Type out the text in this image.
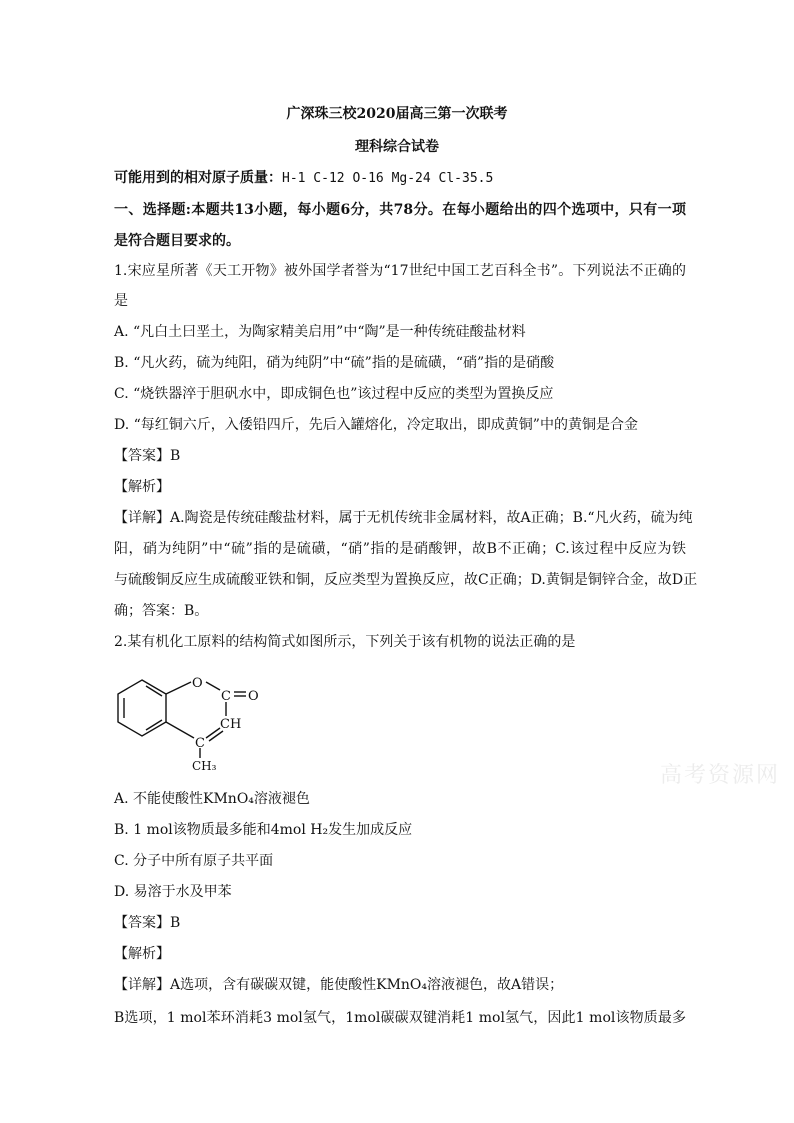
广深珠三校2020届高三第一次联考
理科综合试卷
可能用到的相对原子质量：H-1 C-12 O-16 Mg-24 Cl-35.5
一、选择题:本题共13小题，每小题6分，共78分。在每小题给出的四个选项中，只有一项
是符合题目要求的。
1.宋应星所著《天工开物》被外国学者誉为“17世纪中国工艺百科全书”。下列说法不正确的
是
A. “凡白土曰垩土，为陶家精美启用”中“陶”是一种传统硅酸盐材料
B. “凡火药，硫为纯阳，硝为纯阴”中“硫”指的是硫磺，“硝”指的是硝酸
C. “烧铁器淬于胆矾水中，即成铜色也”该过程中反应的类型为置换反应
D. “每红铜六斤，入倭铅四斤，先后入罐熔化，冷定取出，即成黄铜”中的黄铜是合金
【答案】B
【解析】
【详解】A.陶瓷是传统硅酸盐材料，属于无机传统非金属材料，故A正确；B.“凡火药，硫为纯
阳，硝为纯阴”中“硫”指的是硫磺，“硝”指的是硝酸钾，故B不正确；C.该过程中反应为铁
与硫酸铜反应生成硫酸亚铁和铜，反应类型为置换反应，故C正确；D.黄铜是铜锌合金，故D正
确；答案：B。
2.某有机化工原料的结构简式如图所示，下列关于该有机物的说法正确的是
O
C O
CH
C
CH₃	高考资源网
A. 不能使酸性KMnO₄溶液褪色
B. 1 mol该物质最多能和4mol H₂发生加成反应
C. 分子中所有原子共平面
D. 易溶于水及甲苯
【答案】B
【解析】
【详解】A选项，含有碳碳双键，能使酸性KMnO₄溶液褪色，故A错误；
B选项，1 mol苯环消耗3 mol氢气，1mol碳碳双键消耗1 mol氢气，因此1 mol该物质最多
